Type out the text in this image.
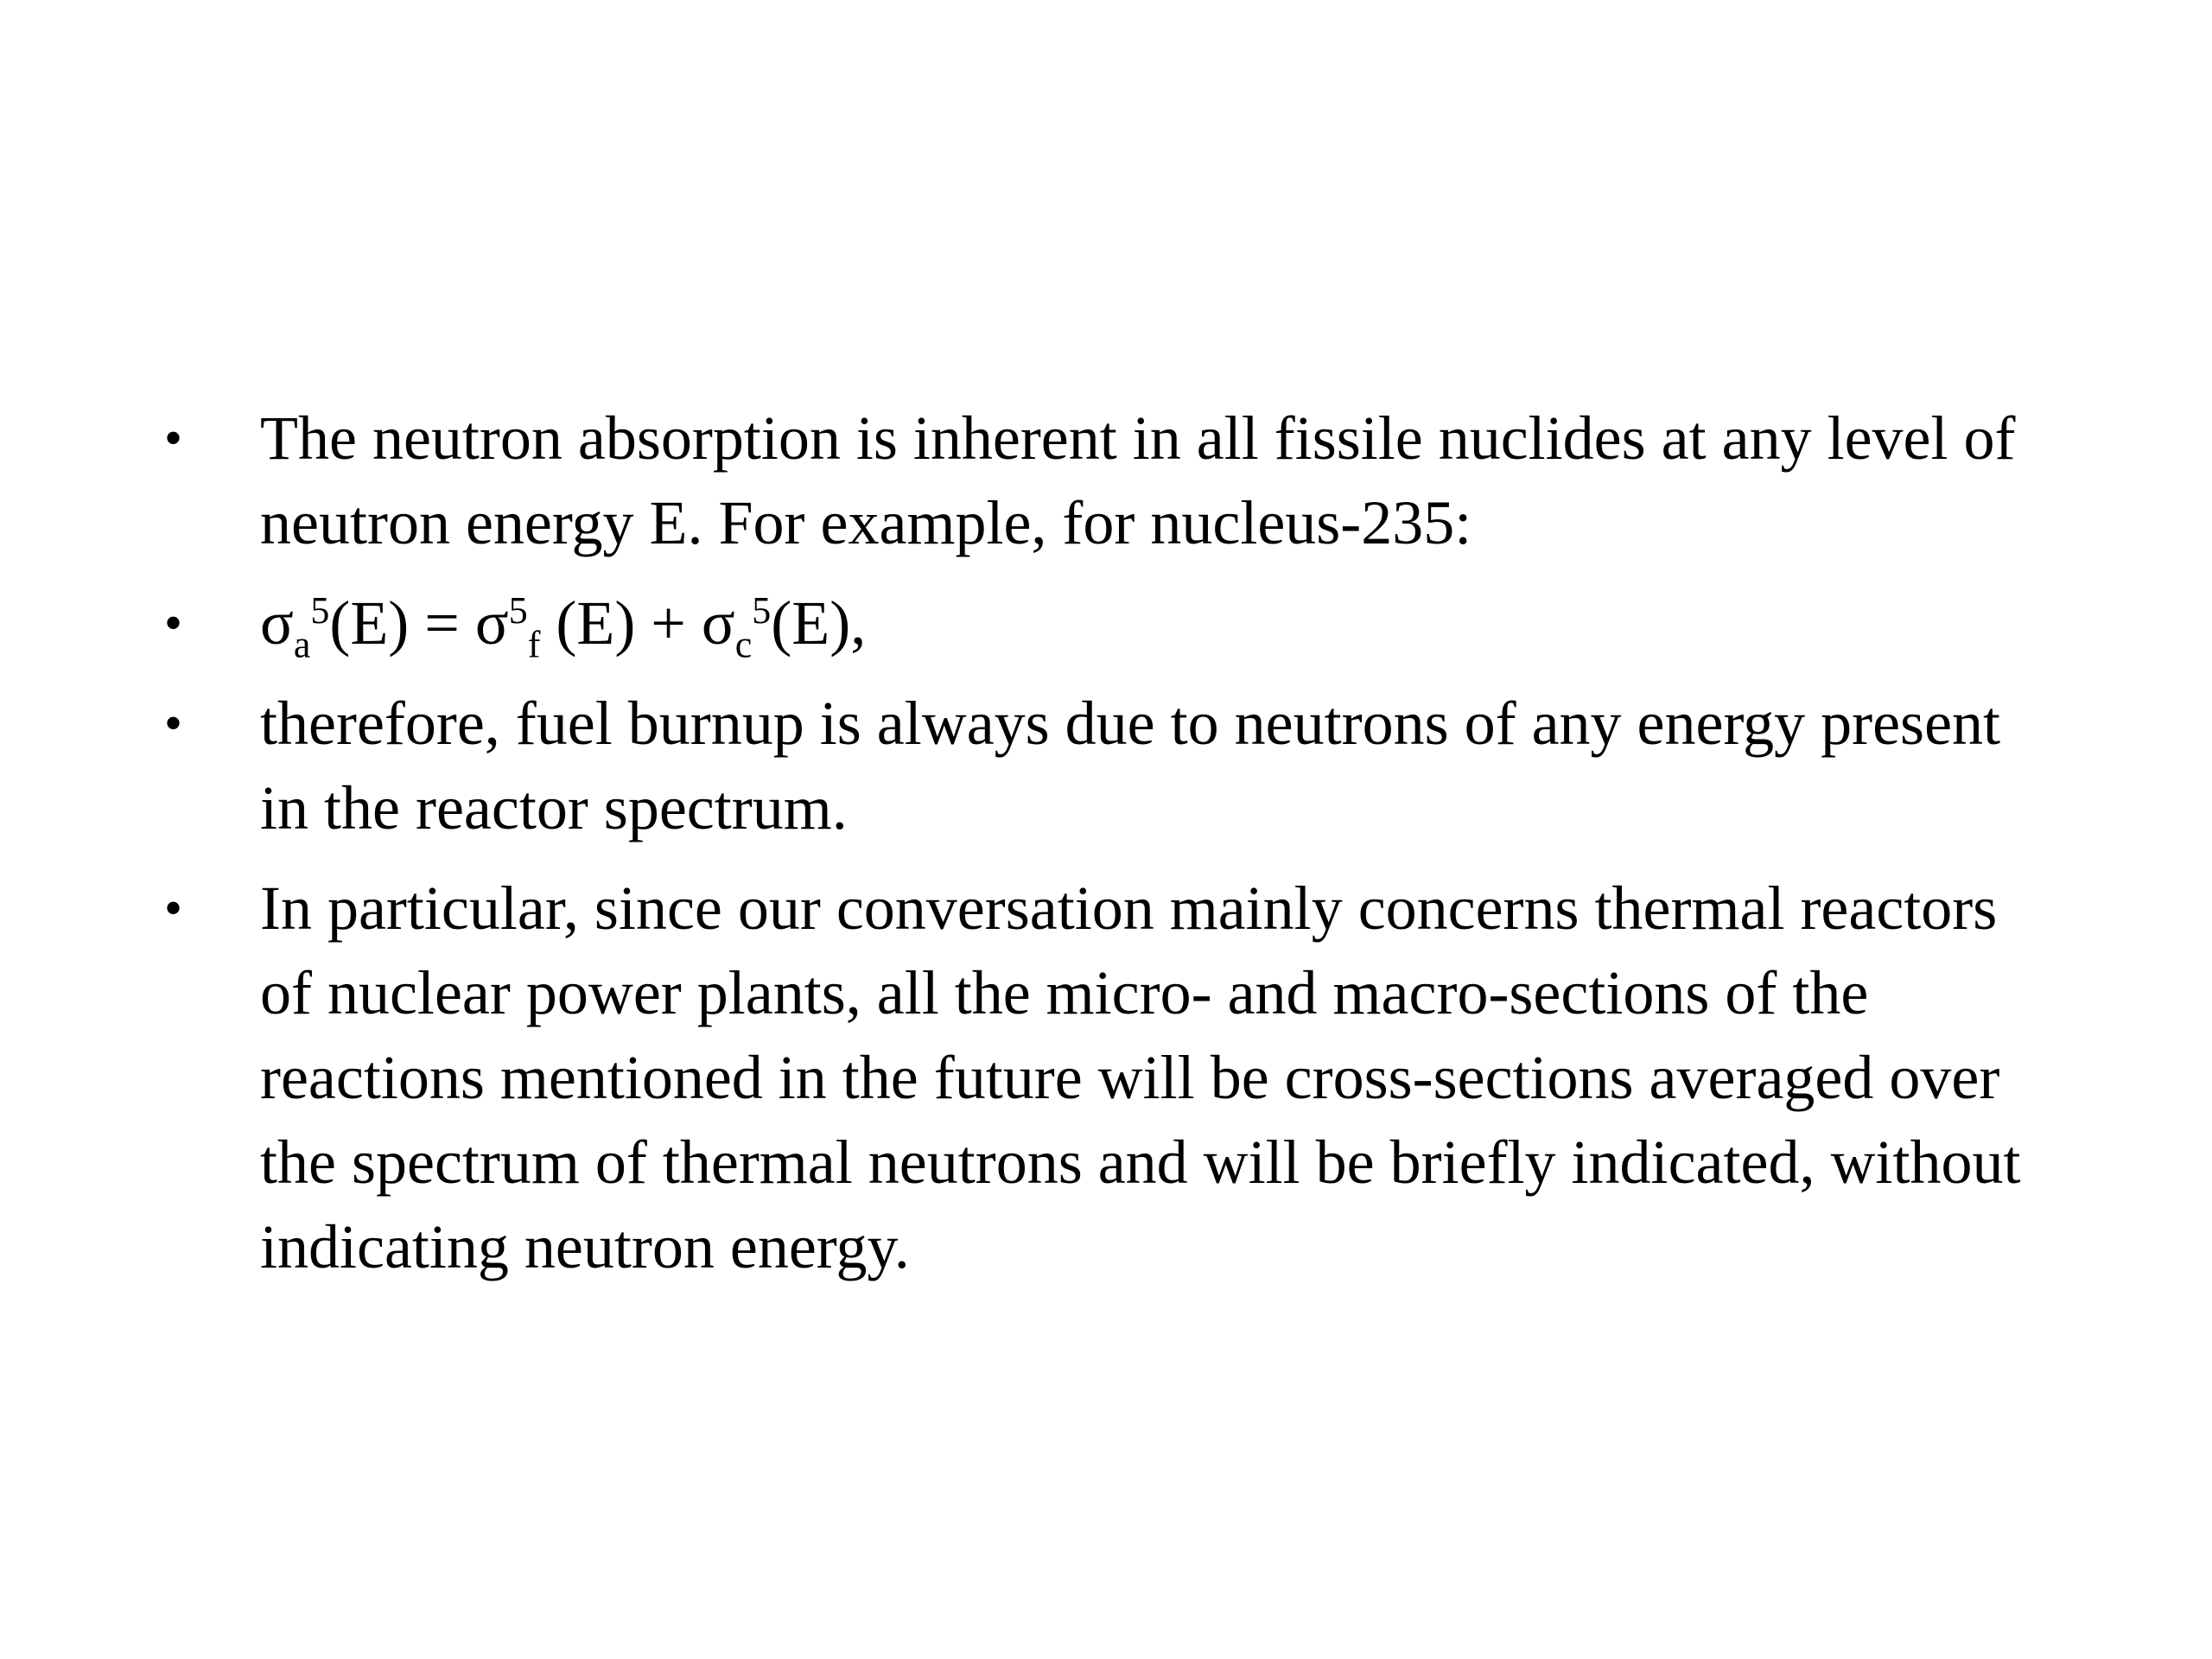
• The neutron absorption is inherent in all fissile nuclides at any level of neutron energy E. For example, for nucleus-235:
• $\sigma_a^5(E) = \sigma^5_f$ $(E) + \sigma_c^5(E)$,
• therefore, fuel burnup is always due to neutrons of any energy present in the reactor spectrum.
• In particular, since our conversation mainly concerns thermal reactors of nuclear power plants, all the micro- and macro-sections of the reactions mentioned in the future will be cross-sections averaged over the spectrum of thermal neutrons and will be briefly indicated, without indicating neutron energy.
